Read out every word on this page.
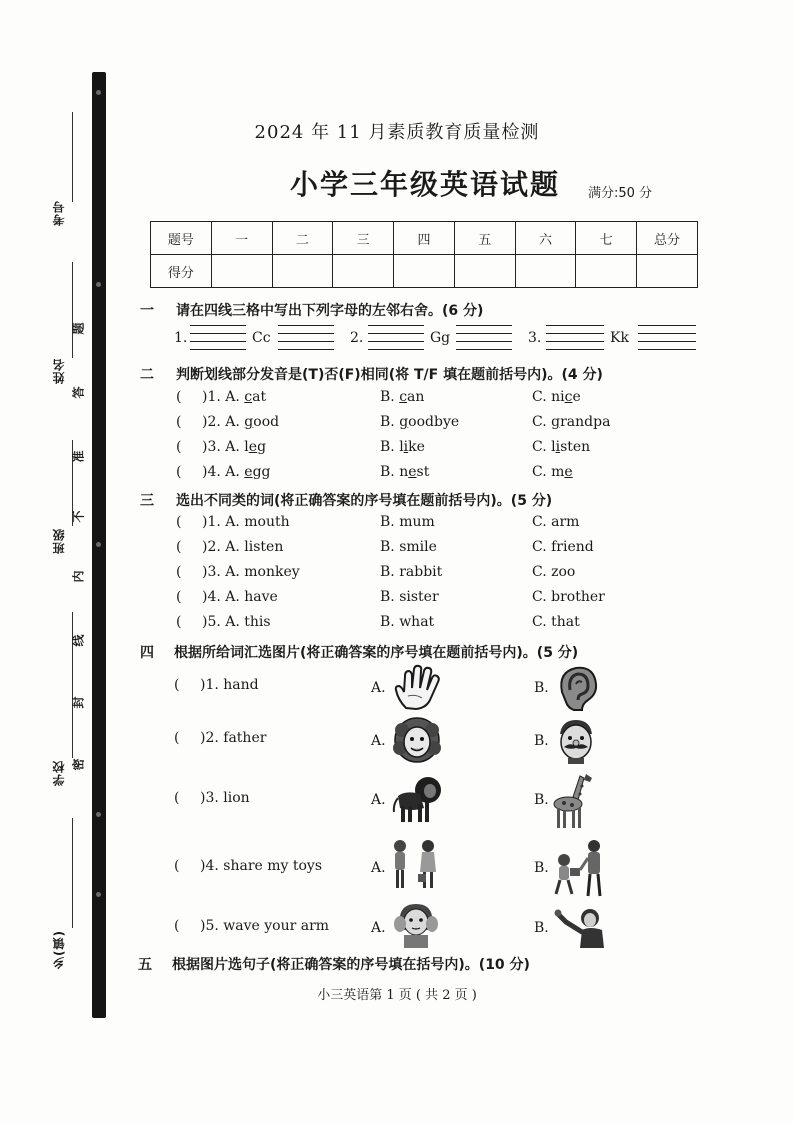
考号
姓名
班级
学校
乡(镇)
题
答
准
不
内
线
封
密
2024 年 11 月素质教育质量检测
小学三年级英语试题 满分:50 分
题号	一	二	三	四	五	六	七	总分
得分								
一 请在四线三格中写出下列字母的左邻右舍。(6 分)
1.	Cc	2.	Gg	3.	Kk
二 判断划线部分发音是(T)否(F)相同(将 T/F 填在题前括号内)。(4 分)
( )1. A. cat	B. can	C. nice
( )2. A. good	B. goodbye	C. grandpa
( )3. A. leg	B. like	C. listen
( )4. A. egg	B. nest	C. me
三 选出不同类的词(将正确答案的序号填在题前括号内)。(5 分)
( )1. A. mouth	B. mum	C. arm
( )2. A. listen	B. smile	C. friend
( )3. A. monkey	B. rabbit	C. zoo
( )4. A. have	B. sister	C. brother
( )5. A. this	B. what	C. that
四 根据所给词汇选图片(将正确答案的序号填在题前括号内)。(5 分)
( )1. hand	A.	B.
( )2. father	A.	B.
( )3. lion	A.	B.
( )4. share my toys	A.	B.
( )5. wave your arm	A.	B.
五 根据图片选句子(将正确答案的序号填在括号内)。(10 分)
小三英语第 1 页 ( 共 2 页 )
